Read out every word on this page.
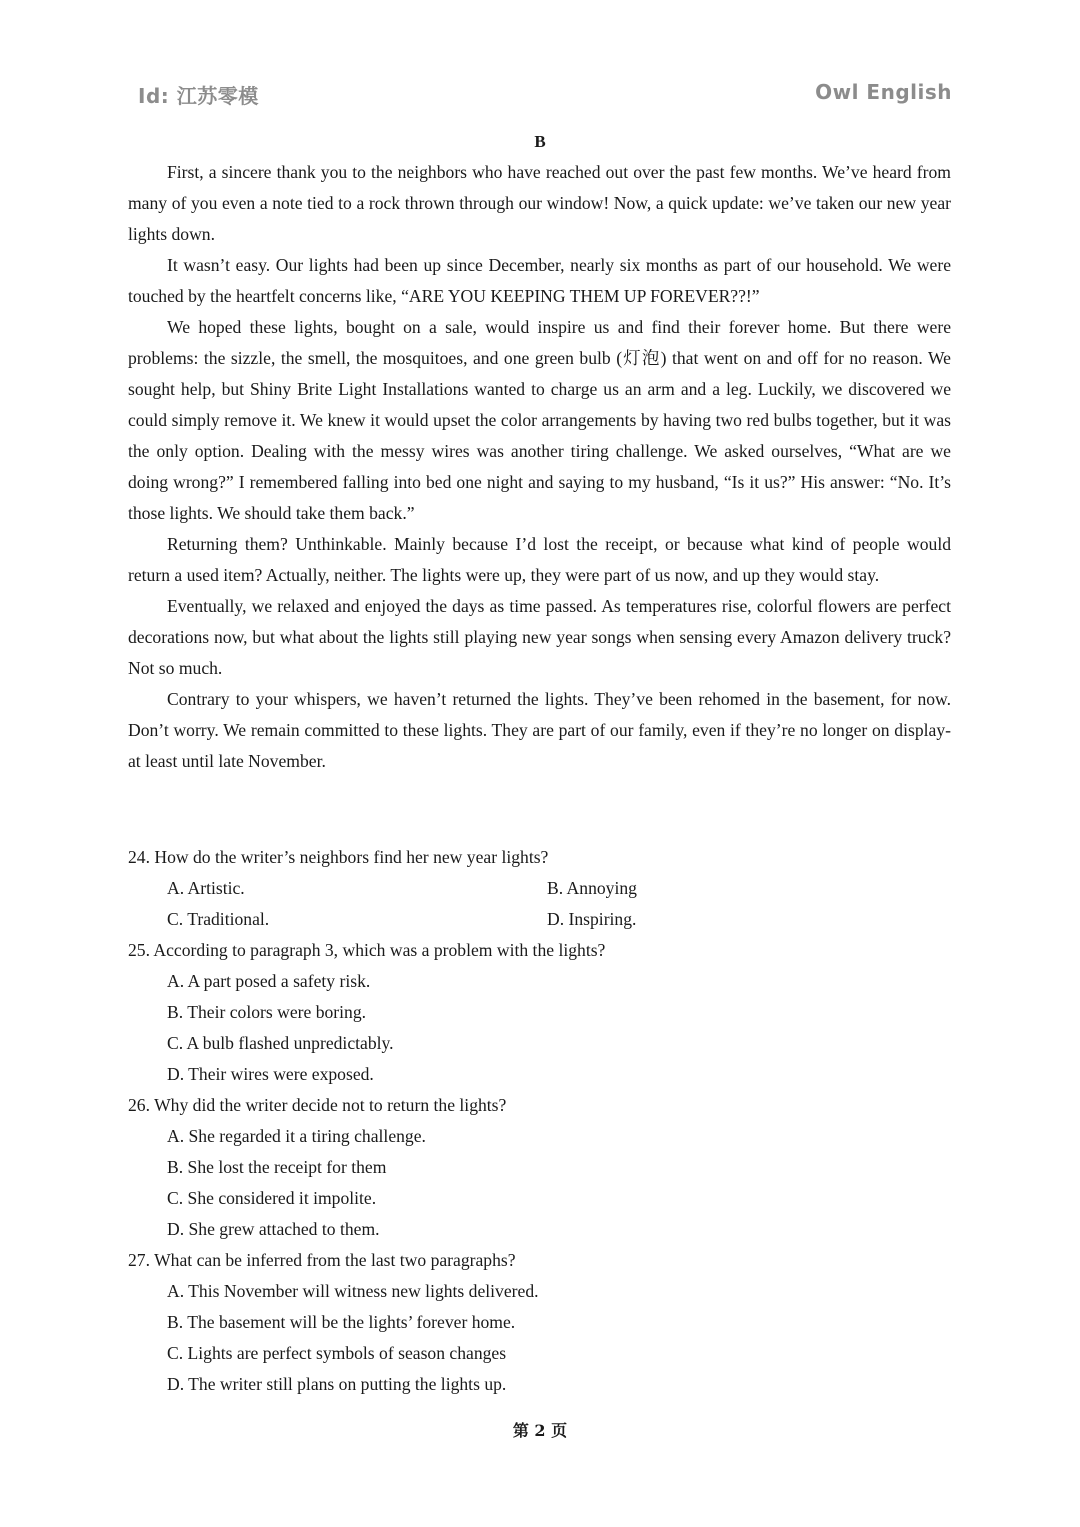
Id: 江苏零模	Owl English
B

First, a sincere thank you to the neighbors who have reached out over the past few months. We’ve heard from many of you even a note tied to a rock thrown through our window! Now, a quick update: we’ve taken our new year lights down.

It wasn’t easy. Our lights had been up since December, nearly six months as part of our household. We were touched by the heartfelt concerns like, “ARE YOU KEEPING THEM UP FOREVER??!”

We hoped these lights, bought on a sale, would inspire us and find their forever home. But there were problems: the sizzle, the smell, the mosquitoes, and one green bulb (灯泡) that went on and off for no reason. We sought help, but Shiny Brite Light Installations wanted to charge us an arm and a leg. Luckily, we discovered we could simply remove it. We knew it would upset the color arrangements by having two red bulbs together, but it was the only option. Dealing with the messy wires was another tiring challenge. We asked ourselves, “What are we doing wrong?” I remembered falling into bed one night and saying to my husband, “Is it us?” His answer: “No. It’s those lights. We should take them back.”

Returning them? Unthinkable. Mainly because I’d lost the receipt, or because what kind of people would return a used item? Actually, neither. The lights were up, they were part of us now, and up they would stay.

Eventually, we relaxed and enjoyed the days as time passed. As temperatures rise, colorful flowers are perfect decorations now, but what about the lights still playing new year songs when sensing every Amazon delivery truck? Not so much.

Contrary to your whispers, we haven’t returned the lights. They’ve been rehomed in the basement, for now. Don’t worry. We remain committed to these lights. They are part of our family, even if they’re no longer on display-at least until late November.

24. How do the writer’s neighbors find her new year lights?

A. Artistic.	B. Annoying
C. Traditional.	D. Inspiring.

25. According to paragraph 3, which was a problem with the lights?

A. A part posed a safety risk.

B. Their colors were boring.

C. A bulb flashed unpredictably.

D. Their wires were exposed.

26. Why did the writer decide not to return the lights?

A. She regarded it a tiring challenge.

B. She lost the receipt for them

C. She considered it impolite.

D. She grew attached to them.

27. What can be inferred from the last two paragraphs?

A. This November will witness new lights delivered.

B. The basement will be the lights’ forever home.

C. Lights are perfect symbols of season changes

D. The writer still plans on putting the lights up.

第 2 页
